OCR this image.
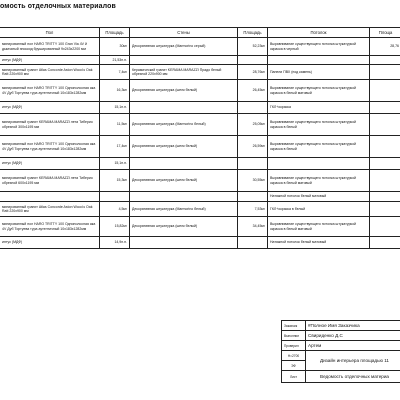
омость отделочных материалов
Пол	Площадь	Стены	Площадь	Потолок	Площа
минированный пол HARO TRITTY 100 Gran Via 4V й дымчатый эпоксид брушированный 9x243x2200 мм	30м²	Декоративная штукатурка (Marmorino серый)	52,23м²	Выравнивание существующего потолка штукатуркой окраска в черный	28,76
интус (МДФ)	21,53п.п.				
минированный гранит Atlas Concorde Aston Wood к Oak Ratt 220x900 мм	7,4м²	Керамический гранит KERAMA MARAZZI Прадо белый обрезной 220x900 мм	28,76м²	Панели ПВХ (под камень)	
минированный пол HARO TRITTY 100 Однополосная ака 4V Дуб Тортуева туpa аутентичный 10x183x1282мм	16,3м²	Декоративная штукатурка (шелк белый)	26,45м²	Выравнивание существующего потолка штукатуркой окраска в белый матовый	
интус (МДФ)	15,1п.п.			ГКЛ+окраска	
минированный гранит KERAMA MARAZZI лета Тиберио обрезной 300x1195 мм	11,5м²	Декоративная штукатурка (Marmorino белый)	25,05м²	Выравнивание существующего потолка штукатуркой окраска в белый	
минированный пол HARO TRITTY 100 Однополосная ака 4V Дуб Тортуева туpa аутентичный 10x183x1282мм	17,4м²	Декоративная штукатурка (шелк белый)	26,59м²	Выравнивание существующего потолка штукатуркой окраска в белый	
интус (МДФ)	15,1п.п.				
минированный гранит KERAMA MARAZZI лета Тиберио обрезной 600x1195 мм	15,3м²	Декоративная штукатурка (шелк белый)	30,55м²	Выравнивание существующего потолка штукатуркой окраска в белый матовый	
				Натяжной потолок белый матовый	
минированный гранит Atlas Concorde Aston Wood к Oak Ratt 220x900 мм	4,5м²	Декоративная штукатурка (Marmorino белый)	7,53м²	ГКЛ+окраска в белый	
минированный пол HARO TRITTY 100 Однополосная ака 4V Дуб Тортуева туpa аутентичный 10x183x1282мм	15,82м²	Декоративная штукатурка (шелк белый)	34,45м²	Выравнивание существующего потолка штукатуркой окраска в белый матовый	
интус (МДФ)	14,9п.п.			Натяжной потолок белый матовый	
Заказчик	#Полное Имя Заказчика
Выполнил	Свириденко Д.С
Проверил	Артем
Н=2700	Дизайн интерьера площадью 11
ЭФ	
Лист	Ведомость отделочных материа
